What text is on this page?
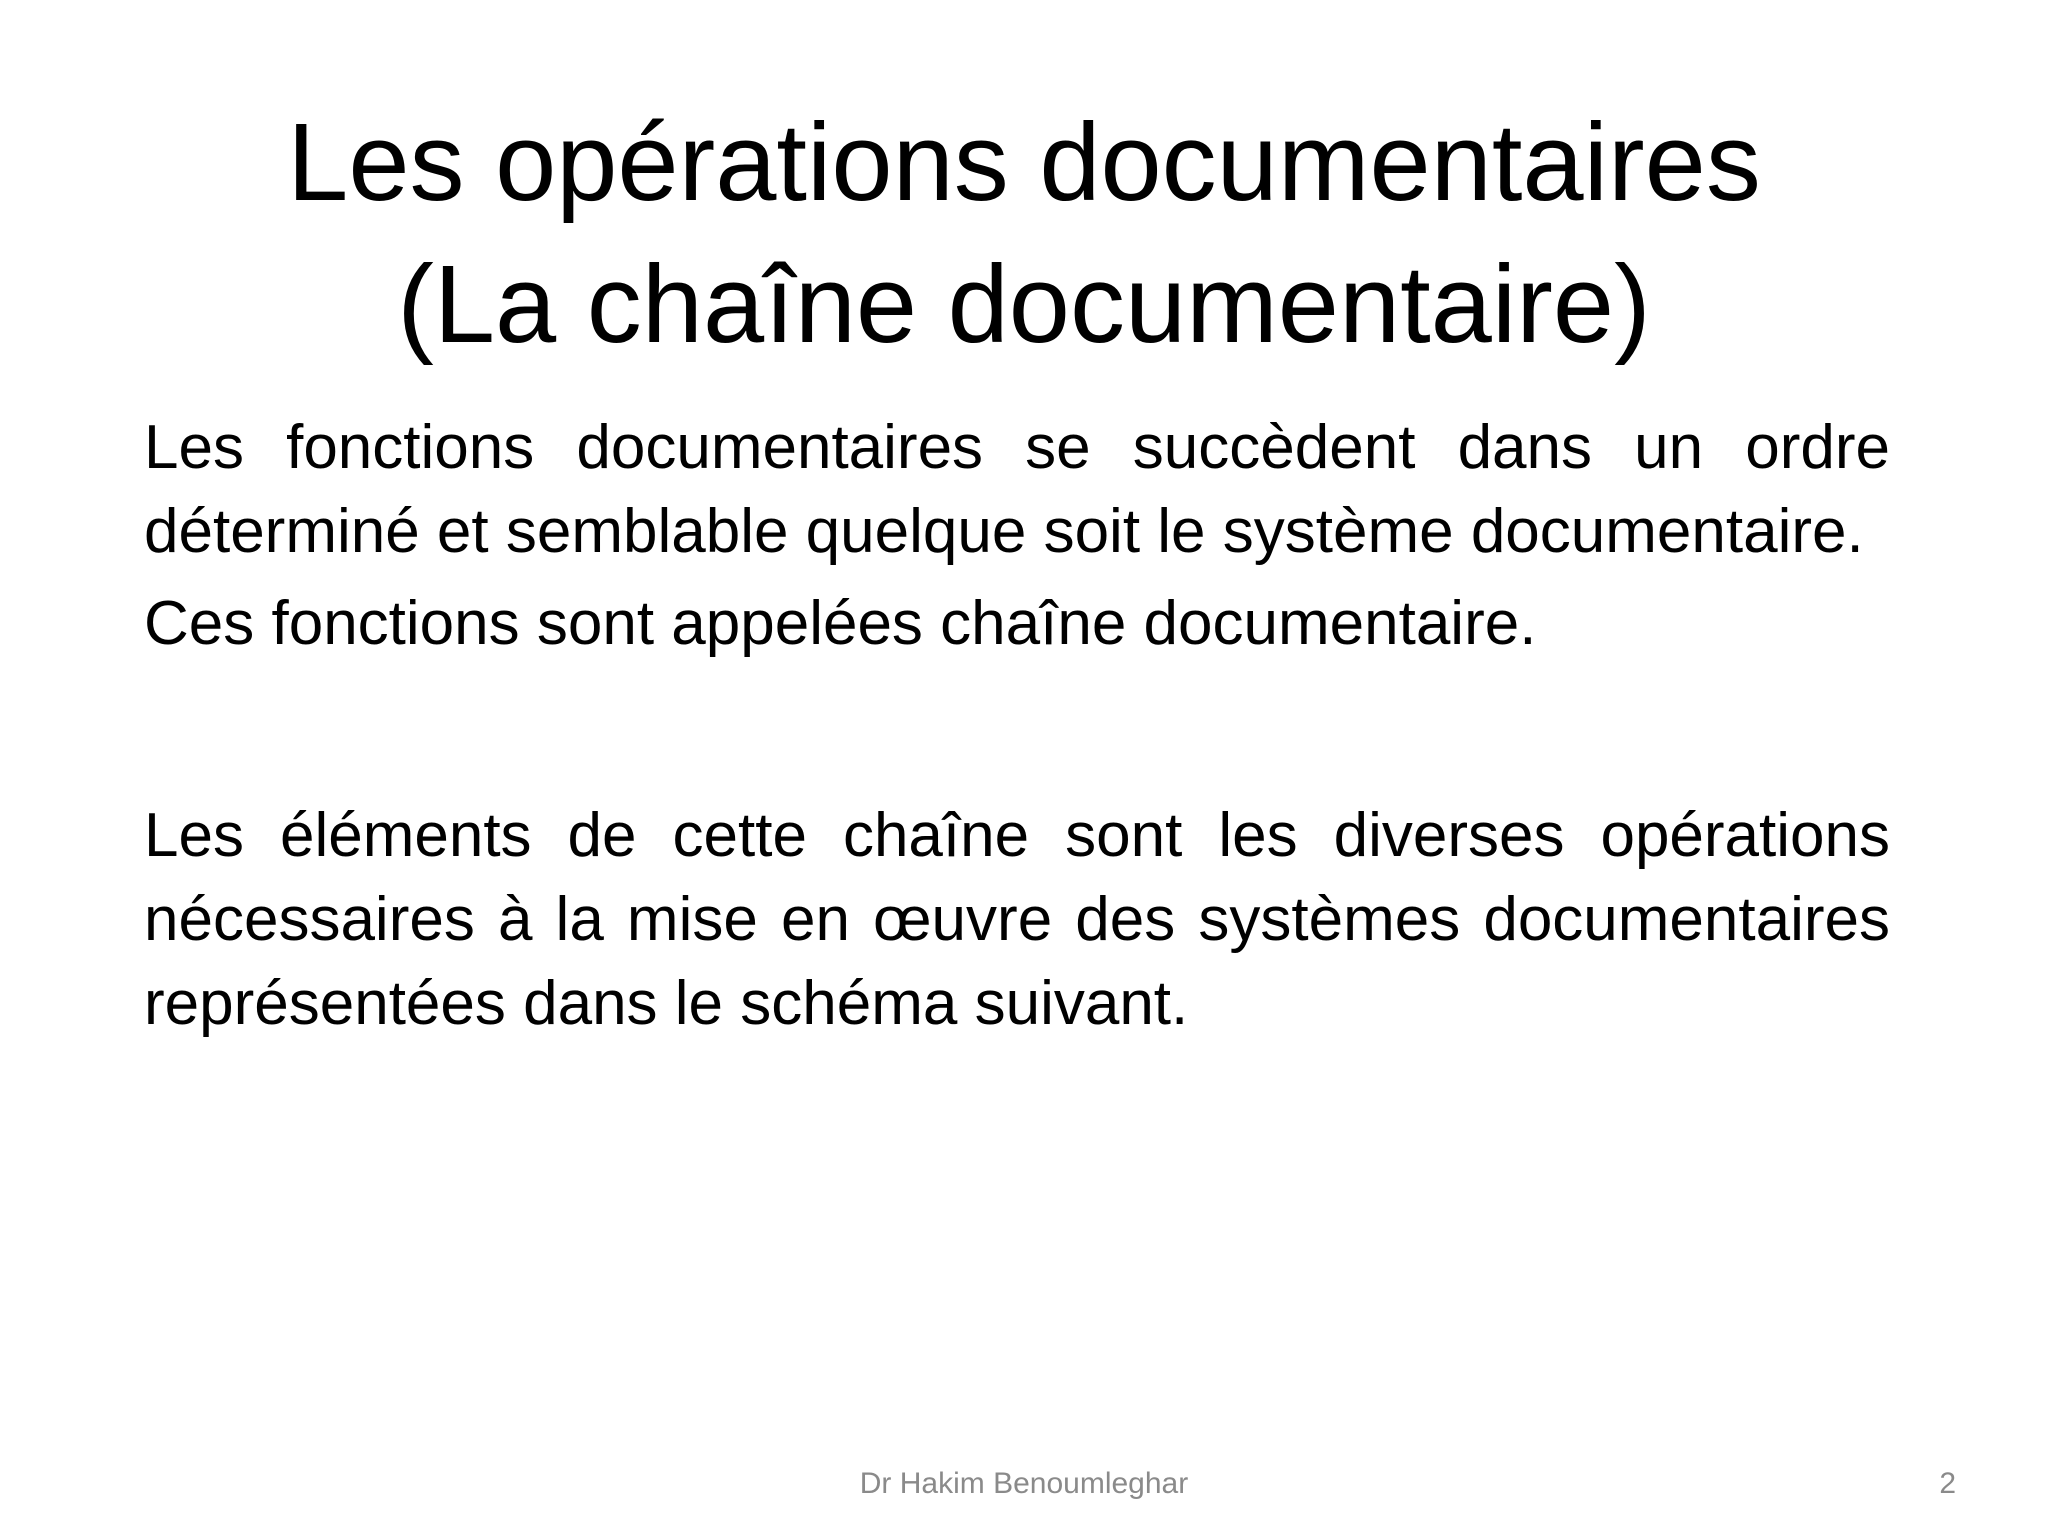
Les opérations documentaires
(La chaîne documentaire)

Les fonctions documentaires se succèdent dans un ordre déterminé et semblable quelque soit le système documentaire.

Ces fonctions sont appelées chaîne documentaire.

Les éléments de cette chaîne sont les diverses opérations nécessaires à la mise en œuvre des systèmes documentaires représentées dans le schéma suivant.

Dr Hakim Benoumleghar	2
